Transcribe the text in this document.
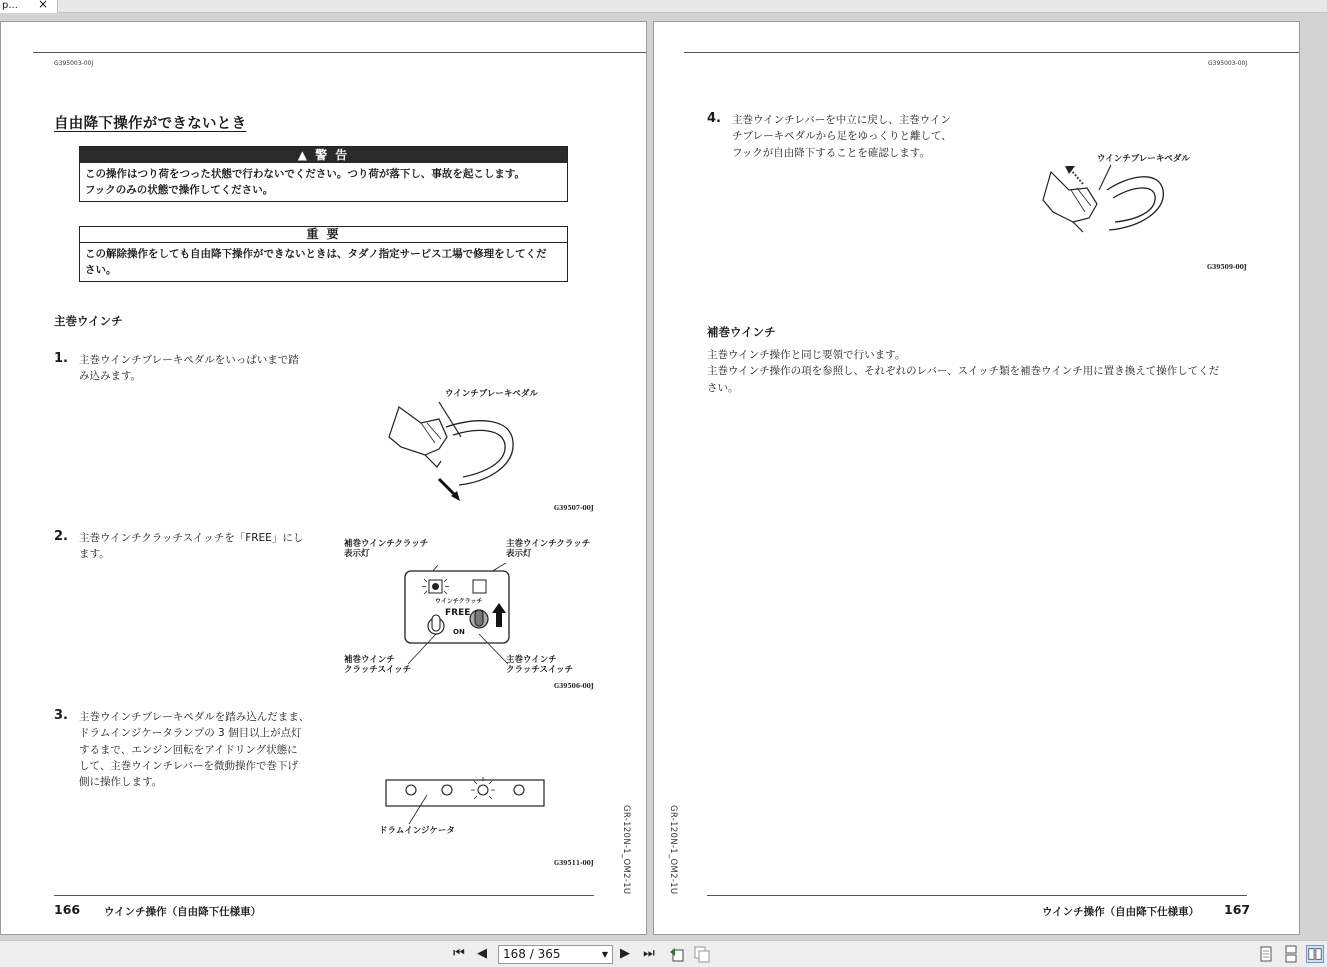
p... ×
G395003-00J
自由降下操作ができないとき
▲ 警 告
この操作はつり荷をつった状態で行わないでください。つり荷が落下し、事故を起こします。
フックのみの状態で操作してください。
重 要
この解除操作をしても自由降下操作ができないときは、タダノ指定サービス工場で修理をしてくだ
さい。
主巻ウインチ
1. 主巻ウインチブレーキペダルをいっぱいまで踏
み込みます。
ウインチブレーキペダル
G39507-00J
2. 主巻ウインチクラッチスイッチを「FREE」にし
ます。
補巻ウインチクラッチ
表示灯
主巻ウインチクラッチ
表示灯
ウインチクラッチ
FREE
ON
補巻ウインチ
クラッチスイッチ
主巻ウインチ
クラッチスイッチ
G39506-00J
3. 主巻ウインチブレーキペダルを踏み込んだまま、
ドラムインジケータランプの 3 個目以上が点灯
するまで、エンジン回転をアイドリング状態に
して、主巻ウインチレバーを微動操作で巻下げ
側に操作します。
ドラムインジケータ
G39511-00J	GR-120N-1_OM2-1U
166 ウインチ操作（自由降下仕様車）
G395003-00J
4. 主巻ウインチレバーを中立に戻し、主巻ウイン
チブレーキペダルから足をゆっくりと離して、
フックが自由降下することを確認します。
ウインチブレーキペダル
G39509-00J
補巻ウインチ
主巻ウインチ操作と同じ要領で行います。
主巻ウインチ操作の項を参照し、それぞれのレバー、スイッチ類を補巻ウインチ用に置き換えて操作してくだ
さい。
GR-120N-1_OM2-1U
ウインチ操作（自由降下仕様車） 167
⏮ ◀	168 / 365	▼ ▶	⏭
